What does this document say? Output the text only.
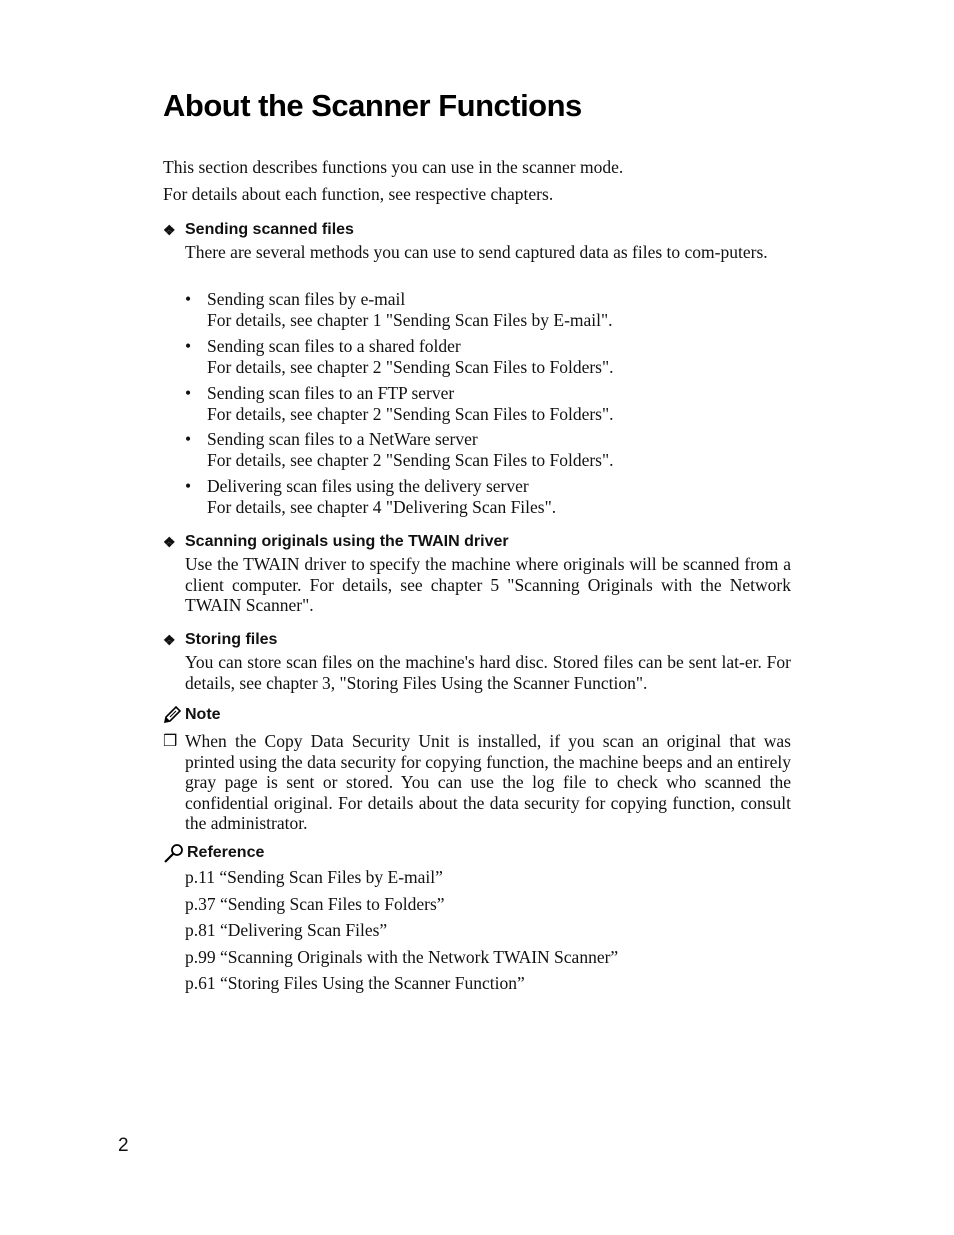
About the Scanner Functions

This section describes functions you can use in the scanner mode.

For details about each function, see respective chapters.

❖ Sending scanned files

There are several methods you can use to send captured data as files to com-puters.

• Sending scan files by e-mail
For details, see chapter 1 "Sending Scan Files by E-mail".
• Sending scan files to a shared folder
For details, see chapter 2 "Sending Scan Files to Folders".
• Sending scan files to an FTP server
For details, see chapter 2 "Sending Scan Files to Folders".
• Sending scan files to a NetWare server
For details, see chapter 2 "Sending Scan Files to Folders".
• Delivering scan files using the delivery server
For details, see chapter 4 "Delivering Scan Files".
❖ Scanning originals using the TWAIN driver

Use the TWAIN driver to specify the machine where originals will be scanned from a client computer. For details, see chapter 5 "Scanning Originals with the Network TWAIN Scanner".

❖ Storing files

You can store scan files on the machine's hard disc. Stored files can be sent lat-er. For details, see chapter 3, "Storing Files Using the Scanner Function".

Note
❒ When the Copy Data Security Unit is installed, if you scan an original that was printed using the data security for copying function, the machine beeps and an entirely gray page is sent or stored. You can use the log file to check who scanned the confidential original. For details about the data security for copying function, consult the administrator.

Reference
p.11 “Sending Scan Files by E-mail”
p.37 “Sending Scan Files to Folders”
p.81 “Delivering Scan Files”
p.99 “Scanning Originals with the Network TWAIN Scanner”
p.61 “Storing Files Using the Scanner Function”
2
